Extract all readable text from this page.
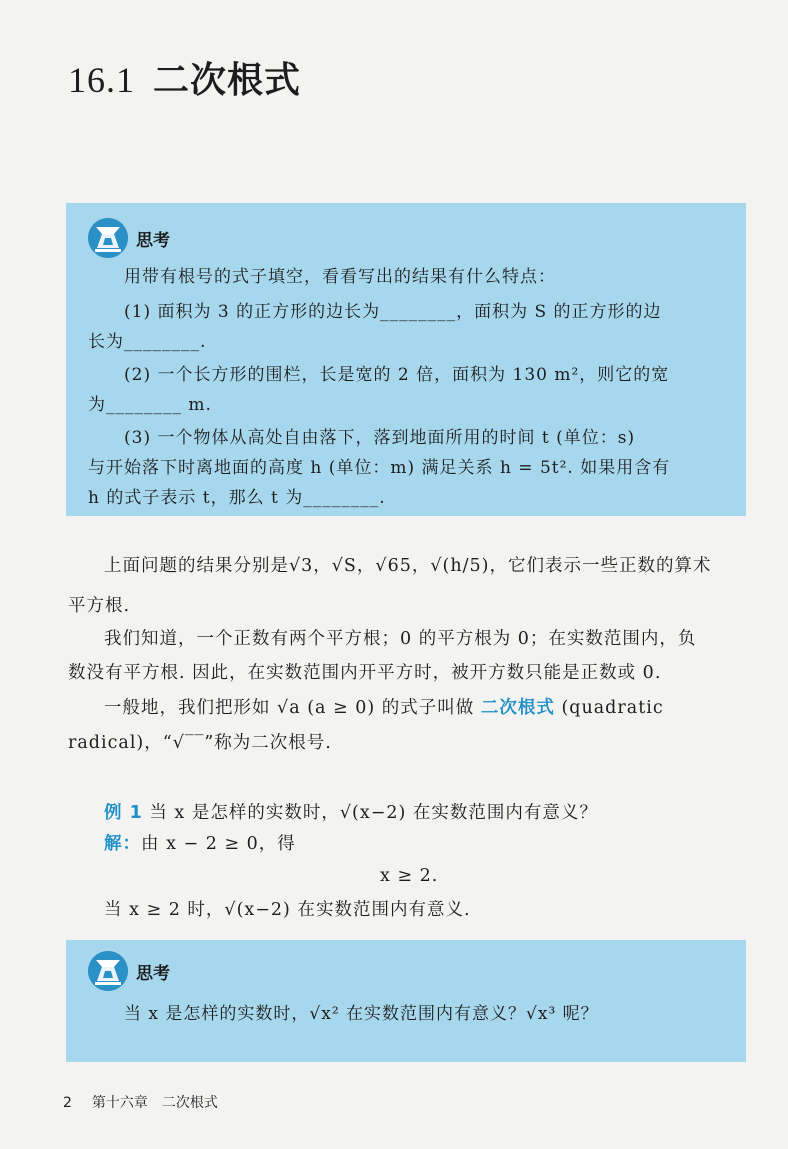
16.1 二次根式
思考

用带有根号的式子填空，看看写出的结果有什么特点：

(1) 面积为 3 的正方形的边长为________，面积为 S 的正方形的边

长为________.

(2) 一个长方形的围栏，长是宽的 2 倍，面积为 130 m²，则它的宽

为________ m.

(3) 一个物体从高处自由落下，落到地面所用的时间 t (单位：s)

与开始落下时离地面的高度 h (单位：m) 满足关系 h = 5t². 如果用含有

h 的式子表示 t，那么 t 为________.

上面问题的结果分别是√3，√S，√65，√(h/5)，它们表示一些正数的算术

平方根.

我们知道，一个正数有两个平方根；0 的平方根为 0；在实数范围内，负

数没有平方根. 因此，在实数范围内开平方时，被开方数只能是正数或 0.

一般地，我们把形如 √a (a ≥ 0) 的式子叫做 二次根式 (quadratic

radical)，“√‾‾”称为二次根号.

例 1 当 x 是怎样的实数时，√(x−2) 在实数范围内有意义？

解：由 x − 2 ≥ 0，得

x ≥ 2.

当 x ≥ 2 时，√(x−2) 在实数范围内有意义.

思考

当 x 是怎样的实数时，√x² 在实数范围内有意义？√x³ 呢？

2 第十六章 二次根式
